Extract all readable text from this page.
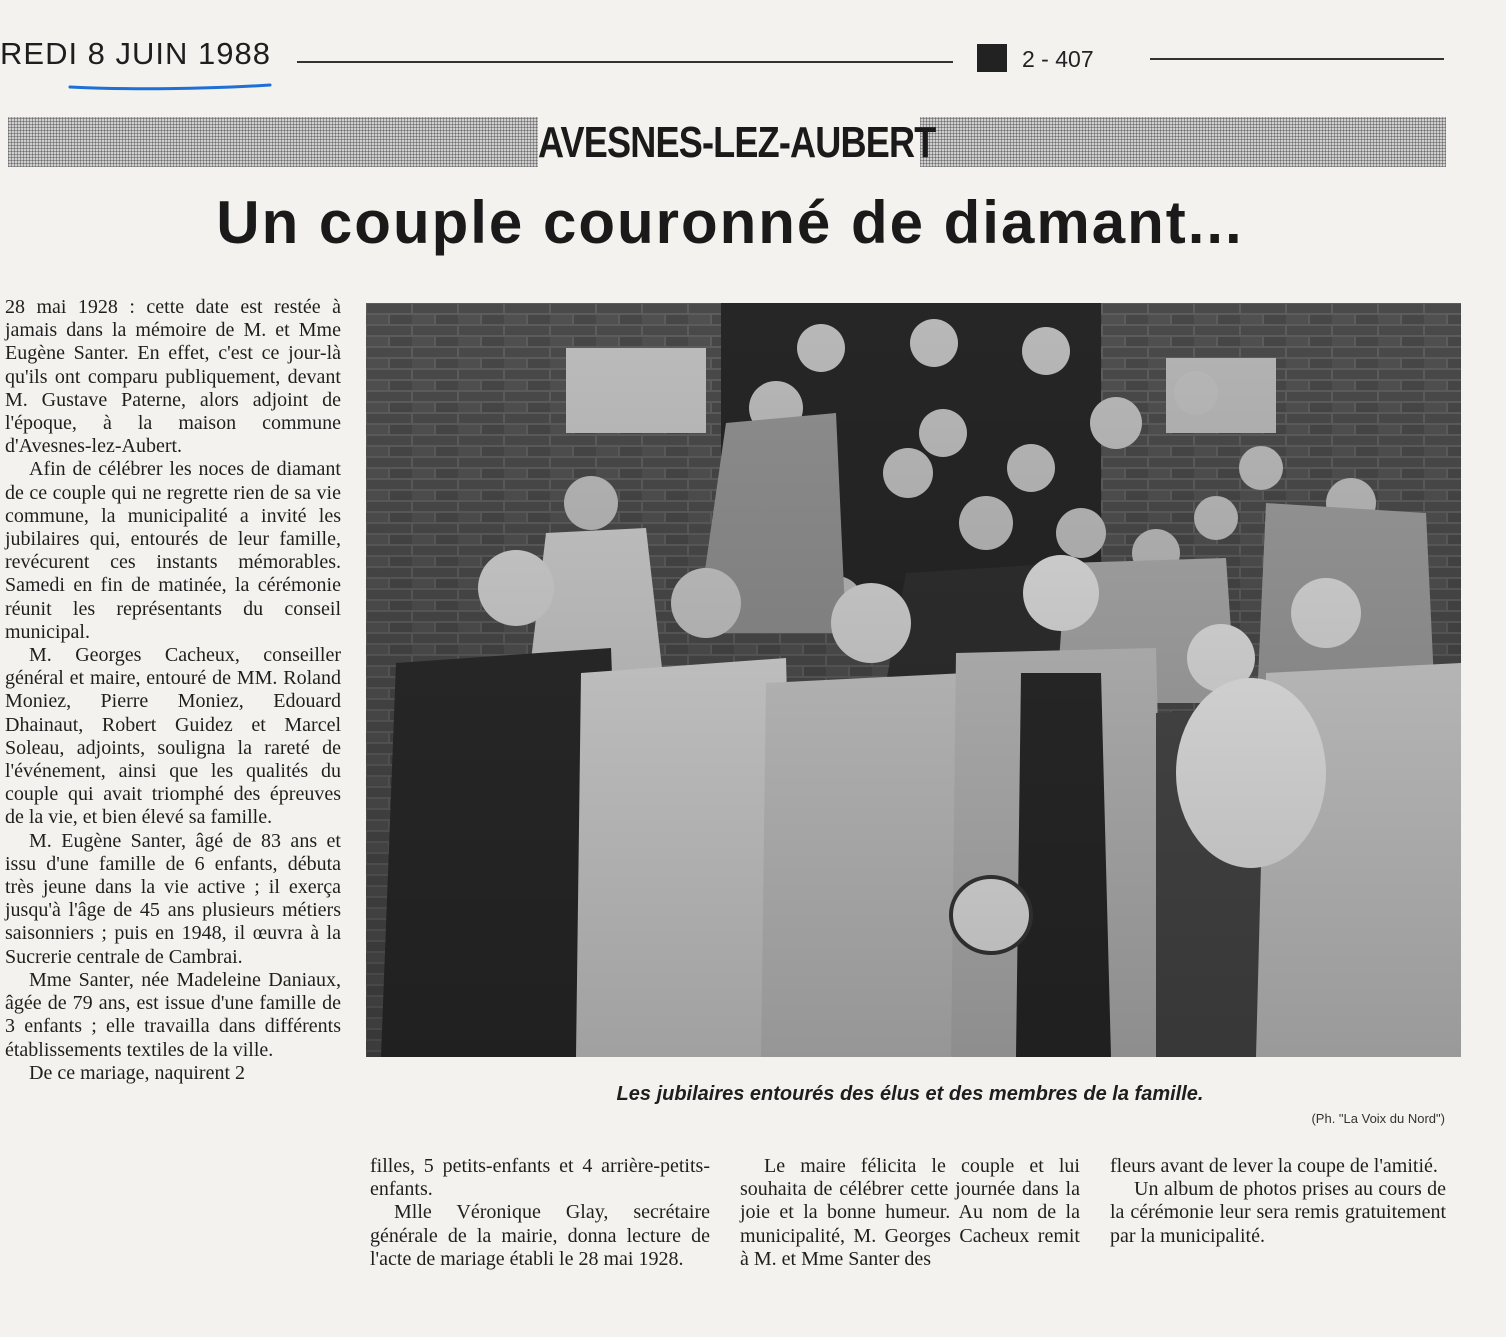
REDI 8 JUIN 1988	2 - 407
AVESNES-LEZ-AUBERT
Un couple couronné de diamant...

28 mai 1928 : cette date est restée à jamais dans la mémoire de M. et Mme Eugène Santer. En effet, c'est ce jour-là qu'ils ont comparu publiquement, devant M. Gustave Paterne, alors adjoint de l'époque, à la maison commune d'Avesnes-lez-Aubert.

Afin de célébrer les noces de diamant de ce couple qui ne regrette rien de sa vie commune, la municipalité a invité les jubilaires qui, entourés de leur famille, revécurent ces instants mémorables. Samedi en fin de matinée, la cérémonie réunit les représentants du conseil municipal.

M. Georges Cacheux, conseiller général et maire, entouré de MM. Roland Moniez, Pierre Moniez, Edouard Dhainaut, Robert Guidez et Marcel Soleau, adjoints, souligna la rareté de l'événement, ainsi que les qualités du couple qui avait triomphé des épreuves de la vie, et bien élevé sa famille.

M. Eugène Santer, âgé de 83 ans et issu d'une famille de 6 enfants, débuta très jeune dans la vie active ; il exerça jusqu'à l'âge de 45 ans plusieurs métiers saisonniers ; puis en 1948, il œuvra à la Sucrerie centrale de Cambrai.

Mme Santer, née Madeleine Daniaux, âgée de 79 ans, est issue d'une famille de 3 enfants ; elle travailla dans différents établissements textiles de la ville.

De ce mariage, naquirent 2

Les jubilaires entourés des élus et des membres de la famille.
(Ph. "La Voix du Nord")

filles, 5 petits-enfants et 4 arrière-petits-enfants.

Mlle Véronique Glay, secrétaire générale de la mairie, donna lecture de l'acte de mariage établi le 28 mai 1928.

Le maire félicita le couple et lui souhaita de célébrer cette journée dans la joie et la bonne humeur. Au nom de la municipalité, M. Georges Cacheux remit à M. et Mme Santer des

fleurs avant de lever la coupe de l'amitié.

Un album de photos prises au cours de la cérémonie leur sera remis gratuitement par la municipalité.
